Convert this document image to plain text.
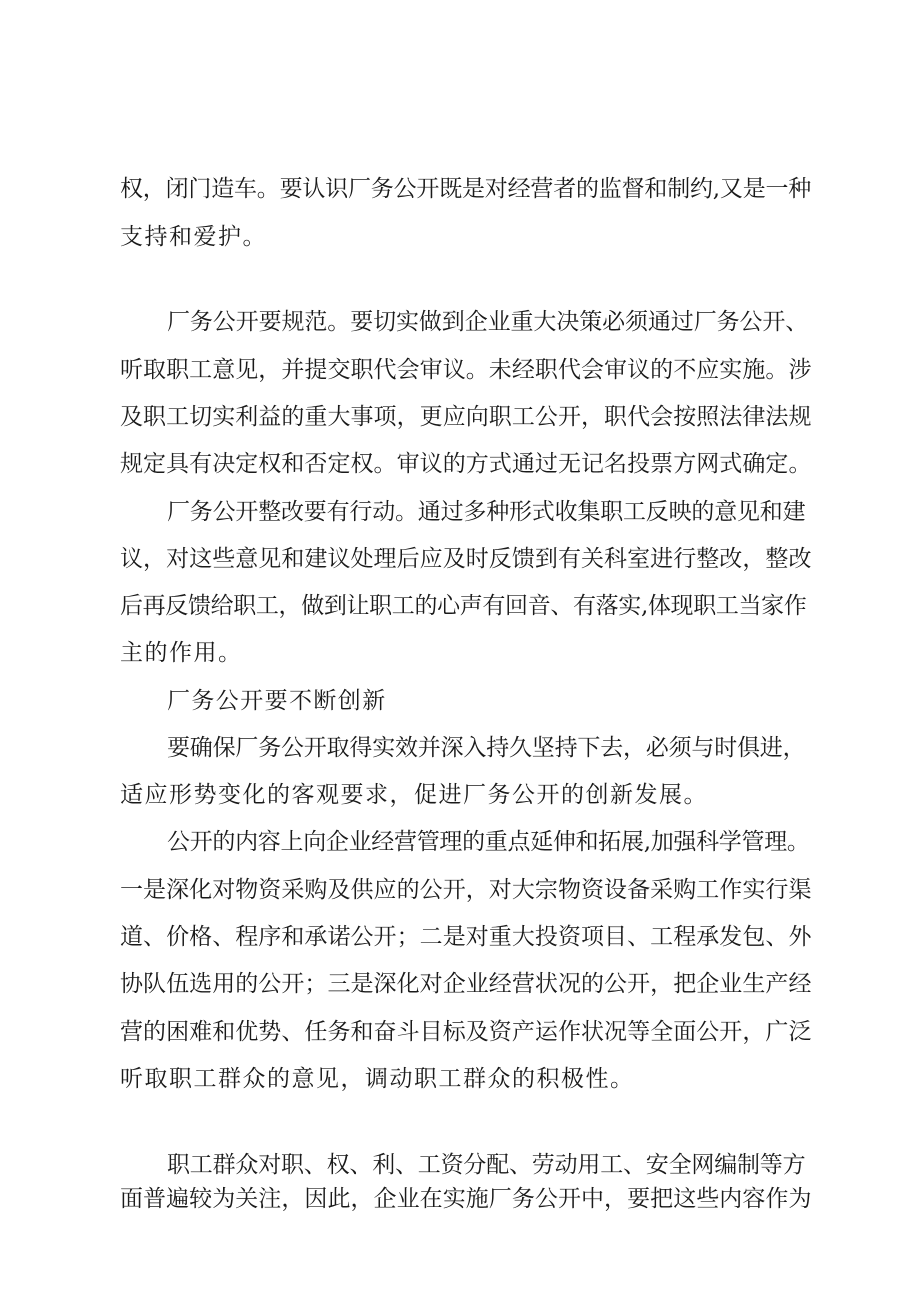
权，闭门造车。要认识厂务公开既是对经营者的监督和制约,又是一种

支持和爱护。

厂务公开要规范。要切实做到企业重大决策必须通过厂务公开、

听取职工意见，并提交职代会审议。未经职代会审议的不应实施。涉

及职工切实利益的重大事项，更应向职工公开，职代会按照法律法规

规定具有决定权和否定权。审议的方式通过无记名投票方网式确定。

厂务公开整改要有行动。通过多种形式收集职工反映的意见和建

议，对这些意见和建议处理后应及时反馈到有关科室进行整改，整改

后再反馈给职工，做到让职工的心声有回音、有落实,体现职工当家作

主的作用。

厂务公开要不断创新

要确保厂务公开取得实效并深入持久坚持下去，必须与时俱进，

适应形势变化的客观要求，促进厂务公开的创新发展。

公开的内容上向企业经营管理的重点延伸和拓展,加强科学管理。

一是深化对物资采购及供应的公开，对大宗物资设备采购工作实行渠

道、价格、程序和承诺公开；二是对重大投资项目、工程承发包、外

协队伍选用的公开；三是深化对企业经营状况的公开，把企业生产经

营的困难和优势、任务和奋斗目标及资产运作状况等全面公开，广泛

听取职工群众的意见，调动职工群众的积极性。

职工群众对职、权、利、工资分配、劳动用工、安全网编制等方

面普遍较为关注，因此，企业在实施厂务公开中，要把这些内容作为
